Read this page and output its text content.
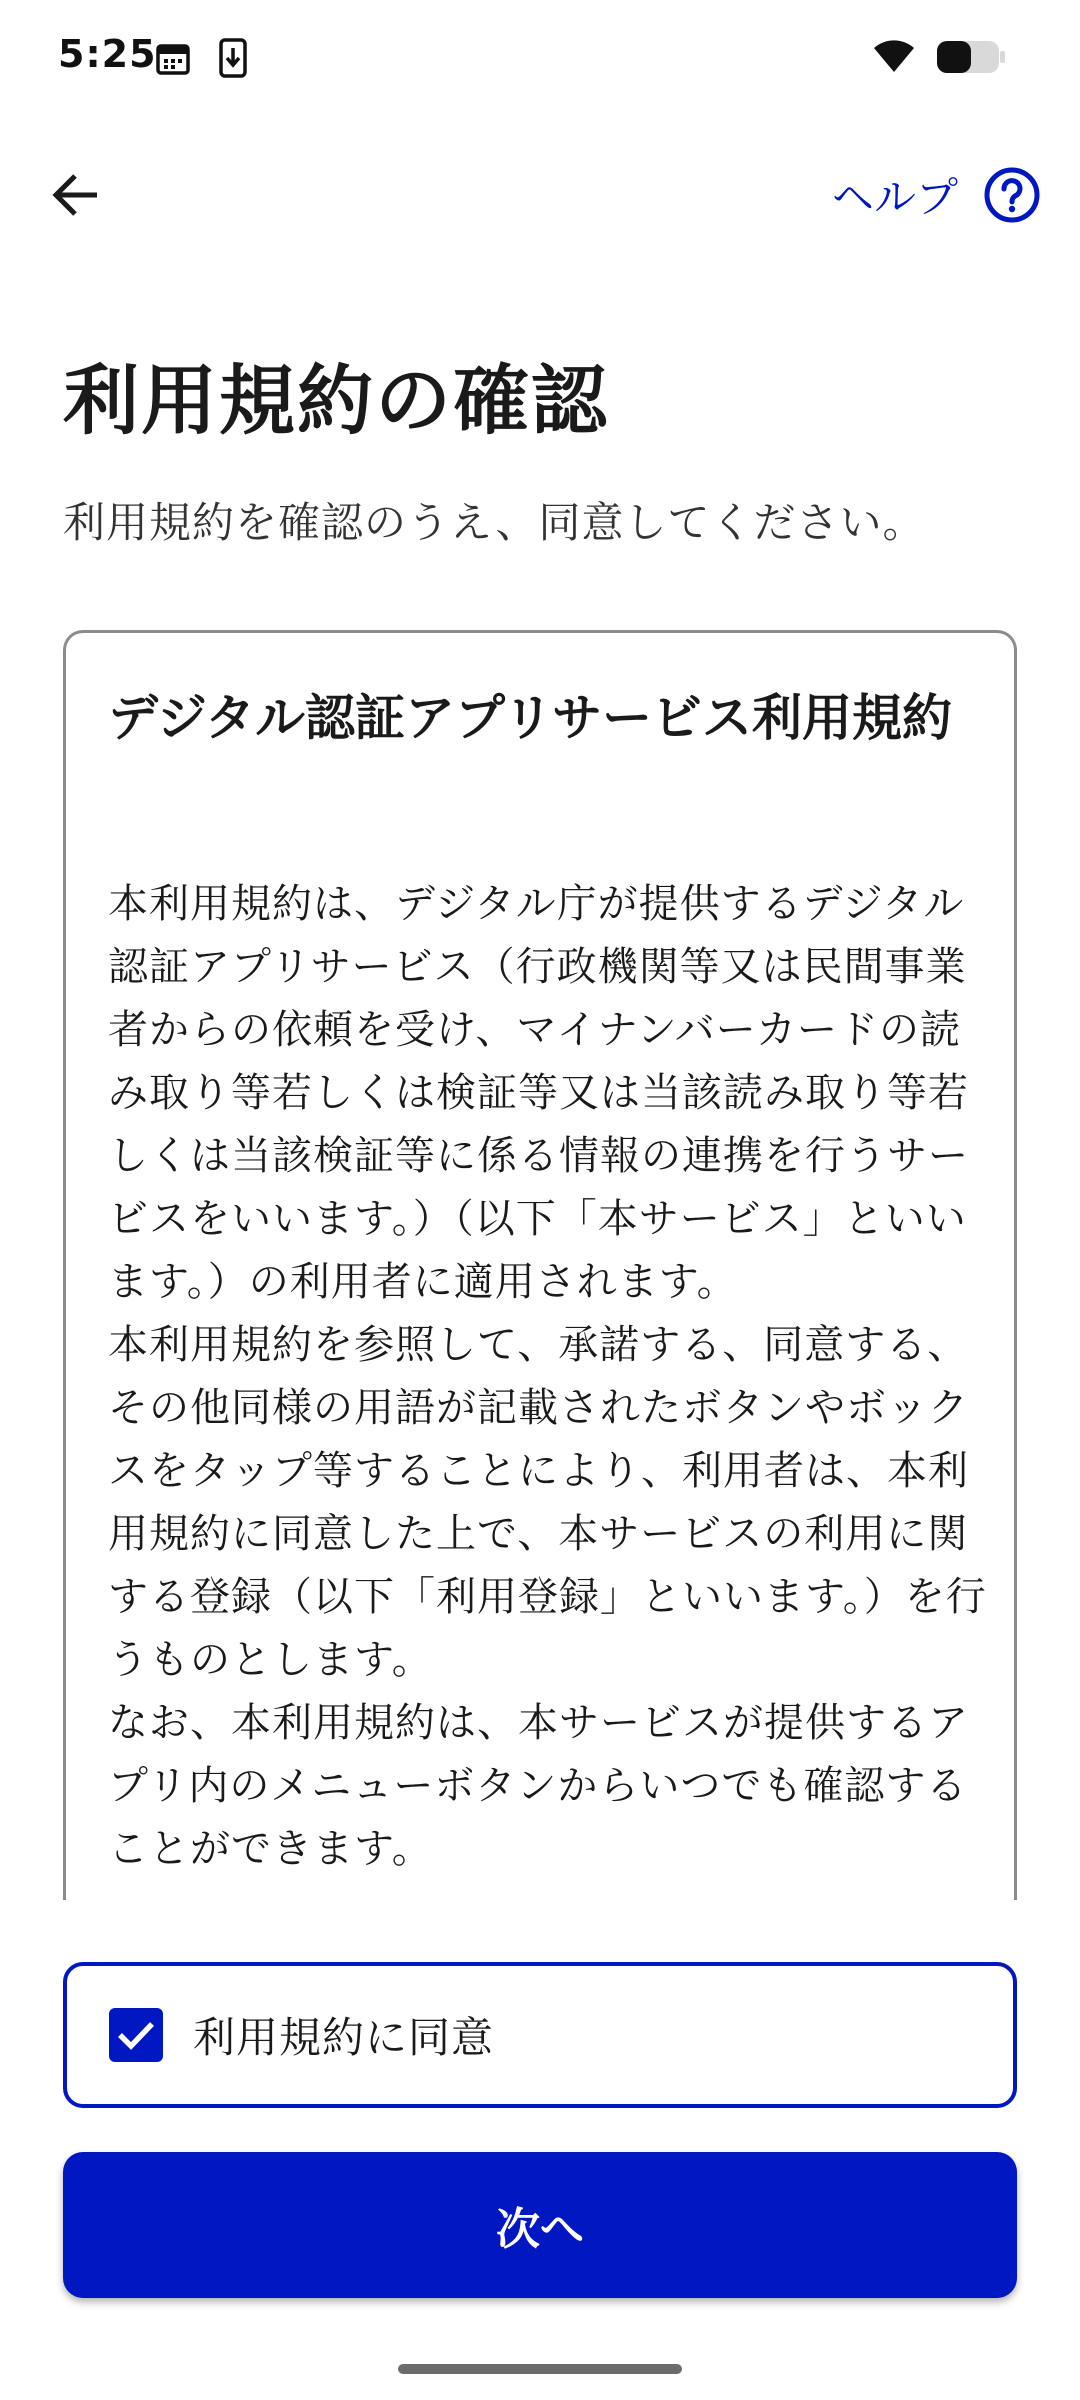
5:25
ヘルプ
利用規約の確認

利用規約を確認のうえ、同意してください。

デジタル認証アプリサービス利用規約

本利用規約は、デジタル庁が提供するデジタル認証アプリサービス（行政機関等又は民間事業者からの依頼を受け、マイナンバーカードの読み取り等若しくは検証等又は当該読み取り等若しくは当該検証等に係る情報の連携を行うサービスをいいます。）（以下「本サービス」といいます。）の利用者に適用されます。

本利用規約を参照して、承諾する、同意する、その他同様の用語が記載されたボタンやボックスをタップ等することにより、利用者は、本利用規約に同意した上で、本サービスの利用に関する登録（以下「利用登録」といいます。）を行うものとします。

なお、本利用規約は、本サービスが提供するアプリ内のメニューボタンからいつでも確認することができます。

利用規約に同意
次へ
